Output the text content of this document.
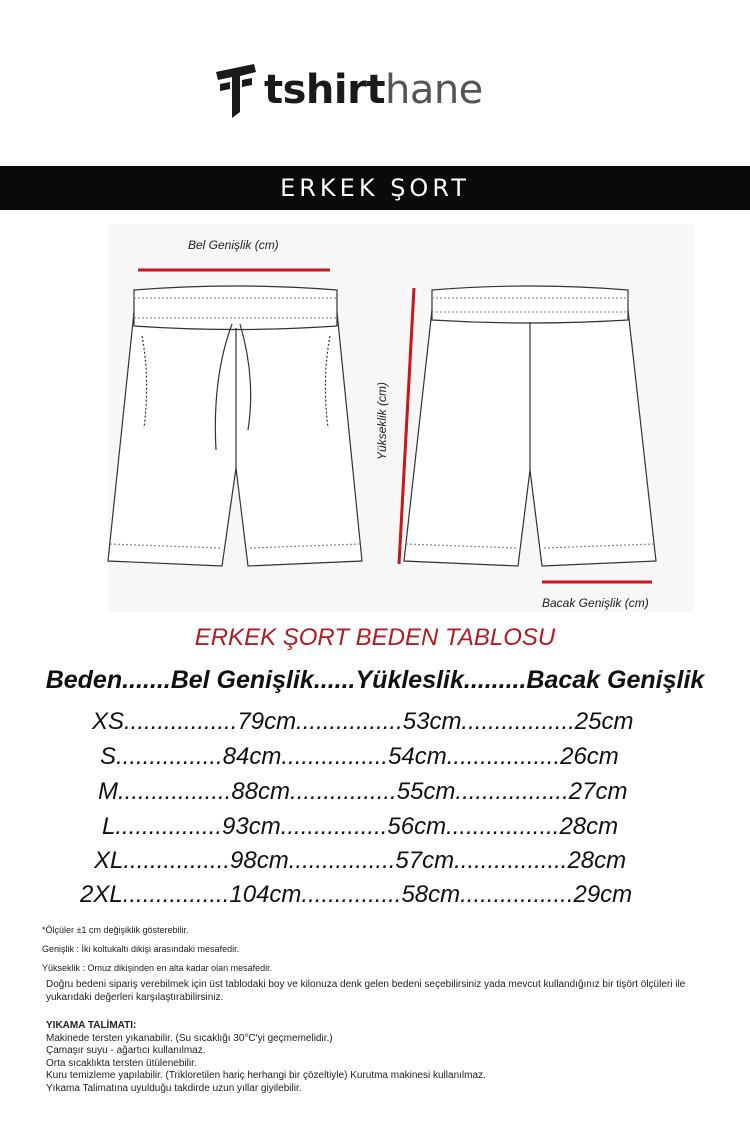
tshirthane
ERKEK ŞORT
Bel Genişlik (cm)
Yükseklik (cm)
Bacak Genişlik (cm)
ERKEK ŞORT BEDEN TABLOSU
Beden.......Bel Genişlik......Yükleslik.........Bacak Genişlik
XS.................79cm................53cm.................25cm
S................84cm................54cm.................26cm
M.................88cm................55cm.................27cm
L................93cm................56cm.................28cm
XL................98cm................57cm.................28cm
2XL................104cm...............58cm.................29cm
*Ölçüler ±1 cm değişiklik gösterebilir.
Genişlik : İki koltukaltı dikişi arasındaki mesafedir.
Yükseklik : Omuz dikişinden en alta kadar olan mesafedir.
Doğru bedeni sipariş verebilmek için üst tablodaki boy ve kilonuza denk gelen bedeni seçebilirsiniz yada mevcut kullandığınız bir tişört ölçüleri ile yukarıdaki değerleri karşılaştırabilirsiniz.
YIKAMA TALİMATI:
Makinede tersten yıkanabilir. (Su sıcaklığı 30°C'yi geçmemelidir.)
Çamaşır suyu - ağartıcı kullanılmaz.
Orta sıcaklıkta tersten ütülenebilir.
Kuru temizleme yapılabilir. (Trikloretilen hariç herhangi bir çözeltiyle) Kurutma makinesi kullanılmaz.
Yıkama Talimatına uyulduğu takdirde uzun yıllar giyilebilir.
